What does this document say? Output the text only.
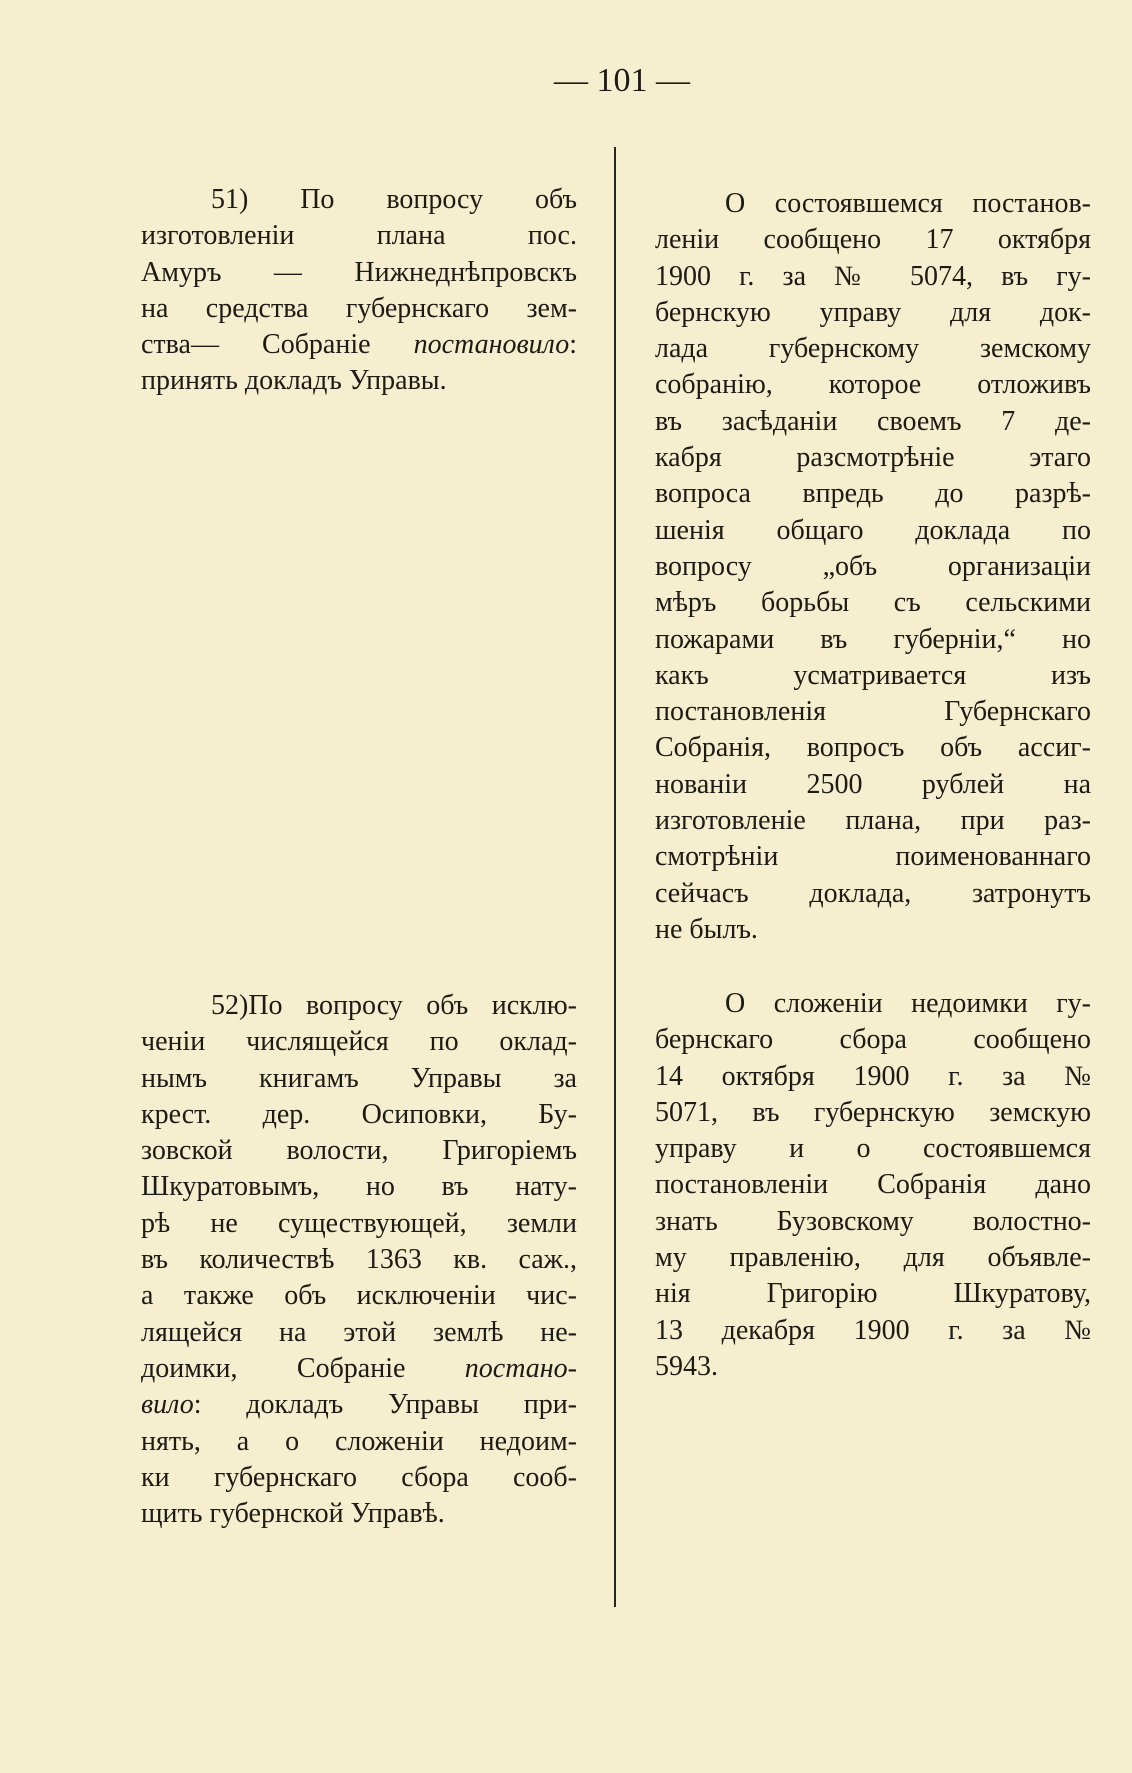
— 101 —
51) По вопросу объ
изготовленіи плана пос.
Амуръ — Нижнеднѣпровскъ
на средства губернскаго зем-
ства— Собраніе постановило:
принять докладъ Управы.
52)По вопросу объ исклю-
ченіи числящейся по оклад-
нымъ книгамъ Управы за
крест. дер. Осиповки, Бу-
зовской волости, Григоріемъ
Шкуратовымъ, но въ нату-
рѣ не существующей, земли
въ количествѣ 1363 кв. саж.,
а также объ исключеніи чис-
лящейся на этой землѣ не-
доимки, Собраніе постано-
вило: докладъ Управы при-
нять, а о сложеніи недоим-
ки губернскаго сбора сооб-
щить губернской Управѣ.
О состоявшемся постанов-
леніи сообщено 17 октября
1900 г. за № 5074, въ гу-
бернскую управу для док-
лада губернскому земскому
собранію, которое отложивъ
въ засѣданіи своемъ 7 де-
кабря разсмотрѣніе этаго
вопроса впредь до разрѣ-
шенія общаго доклада по
вопросу „объ организаціи
мѣръ борьбы съ сельскими
пожарами въ губерніи,“ но
какъ усматривается изъ
постановленія Губернскаго
Собранія, вопросъ объ ассиг-
нованіи 2500 рублей на
изготовленіе плана, при раз-
смотрѣніи поименованнаго
сейчасъ доклада, затронутъ
не былъ.
О сложеніи недоимки гу-
бернскаго сбора сообщено
14 октября 1900 г. за №
5071, въ губернскую земскую
управу и о состоявшемся
постановленіи Собранія дано
знать Бузовскому волостно-
му правленію, для объявле-
нія Григорію Шкуратову,
13 декабря 1900 г. за №
5943.
